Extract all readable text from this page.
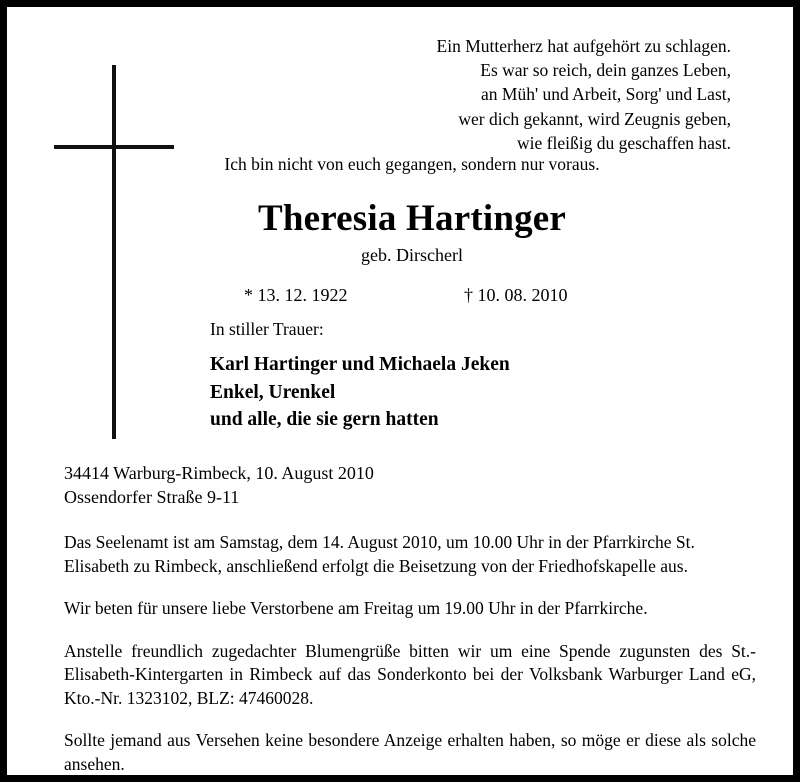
Ein Mutterherz hat aufgehört zu schlagen.
Es war so reich, dein ganzes Leben,
an Müh' und Arbeit, Sorg' und Last,
wer dich gekannt, wird Zeugnis geben,
wie fleißig du geschaffen hast.
Ich bin nicht von euch gegangen, sondern nur voraus.
Theresia Hartinger
geb. Dirscherl
* 13. 12. 1922	† 10. 08. 2010
In stiller Trauer:
Karl Hartinger und Michaela Jeken
Enkel, Urenkel
und alle, die sie gern hatten
34414 Warburg-Rimbeck, 10. August 2010
Ossendorfer Straße 9-11

Das Seelenamt ist am Samstag, dem 14. August 2010, um 10.00 Uhr in der Pfarrkirche St. Elisabeth zu Rimbeck, anschließend erfolgt die Beisetzung von der Friedhofskapelle aus.

Wir beten für unsere liebe Verstorbene am Freitag um 19.00 Uhr in der Pfarrkirche.

Anstelle freundlich zugedachter Blumengrüße bitten wir um eine Spende zugunsten des St.-Elisabeth-Kintergarten in Rimbeck auf das Sonderkonto bei der Volksbank Warburger Land eG, Kto.-Nr. 1323102, BLZ: 47460028.

Sollte jemand aus Versehen keine besondere Anzeige erhalten haben, so möge er diese als solche ansehen.
